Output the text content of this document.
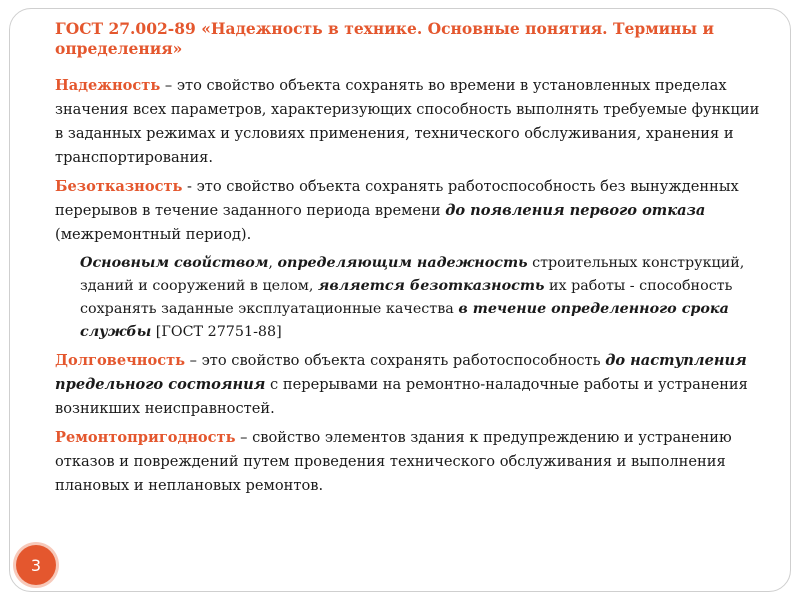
ГОСТ 27.002-89 «Надежность в технике. Основные понятия. Термины и определения»

Надежность – это свойство объекта сохранять во времени в установленных пределах значения всех параметров, характеризующих способность выполнять требуемые функции в заданных режимах и условиях применения, технического обслуживания, хранения и транспортирования.

Безотказность - это свойство объекта сохранять работоспособность без вынужденных перерывов в течение заданного периода времени до появления первого отказа (межремонтный период).

Основным свойством, определяющим надежность строительных конструкций, зданий и сооружений в целом, является безотказность их работы - способность сохранять заданные эксплуатационные качества в течение определенного срока службы [ГОСТ 27751-88]

Долговечность – это свойство объекта сохранять работоспособность до наступления предельного состояния с перерывами на ремонтно-наладочные работы и устранения возникших неисправностей.

Ремонтопригодность – свойство элементов здания к предупреждению и устранению отказов и повреждений путем проведения технического обслуживания и выполнения плановых и неплановых ремонтов.

3
